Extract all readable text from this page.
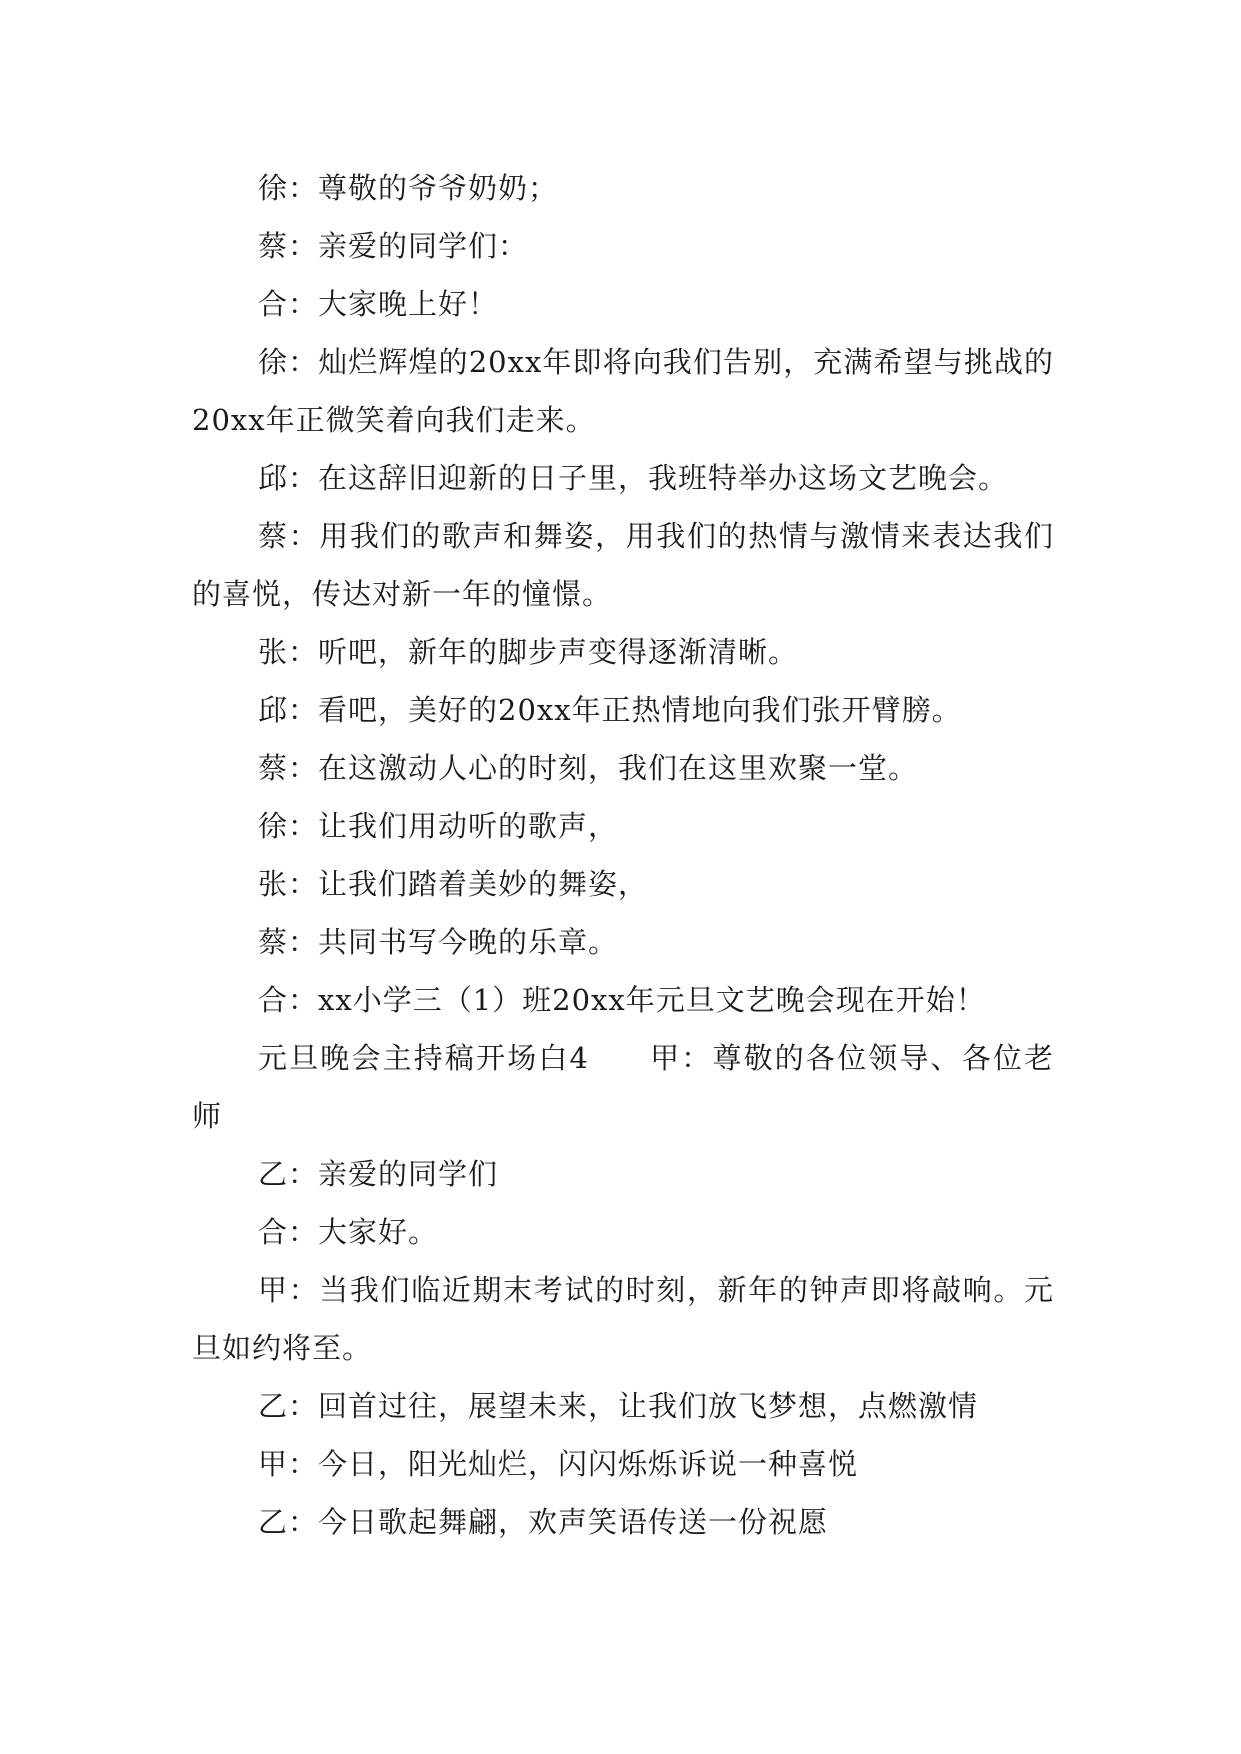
徐：尊敬的爷爷奶奶；

蔡：亲爱的同学们：

合：大家晚上好！

徐：灿烂辉煌的20xx年即将向我们告别，充满希望与挑战的20xx年正微笑着向我们走来。

邱：在这辞旧迎新的日子里，我班特举办这场文艺晚会。

蔡：用我们的歌声和舞姿，用我们的热情与激情来表达我们的喜悦，传达对新一年的憧憬。

张：听吧，新年的脚步声变得逐渐清晰。

邱：看吧，美好的20xx年正热情地向我们张开臂膀。

蔡：在这激动人心的时刻，我们在这里欢聚一堂。

徐：让我们用动听的歌声，

张：让我们踏着美妙的舞姿，

蔡：共同书写今晚的乐章。

合：xx小学三（1）班20xx年元旦文艺晚会现在开始！

元旦晚会主持稿开场白4 甲：尊敬的各位领导、各位老师

乙：亲爱的同学们

合：大家好。

甲：当我们临近期末考试的时刻，新年的钟声即将敲响。元旦如约将至。

乙：回首过往，展望未来，让我们放飞梦想，点燃激情

甲：今日，阳光灿烂，闪闪烁烁诉说一种喜悦

乙：今日歌起舞翩，欢声笑语传送一份祝愿
